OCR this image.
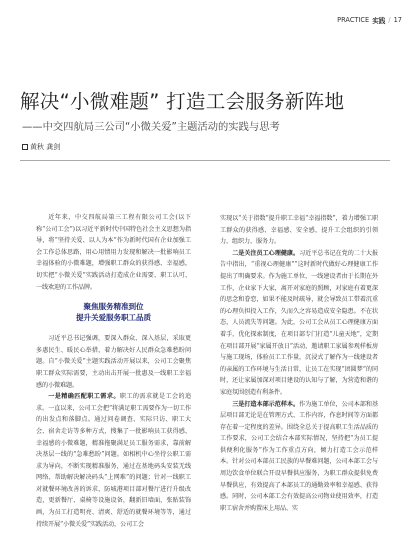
PRACTICE 实践 / 17
解决“小微难题” 打造工会服务新阵地
——中交四航局三公司“小微关爱”主题活动的实践与思考
黄秋 龚剑

近年来，中交四航局第三工程有限公司工会(以下称“公司工会”)以习近平新时代中国特色社会主义思想为指导，将“坚持关爱、以人为本”作为新时代国有企业加强工会工作总体思路，用心用情用力发现和解决一批影响员工幸福体验的小微难题，增强职工群众的获得感、幸福感，切实把“小微关爱”实践活动打造成企业需要、职工认可、一线欢迎的工作品牌。

聚焦服务精准到位
提升关爱服务职工品质

习近平总书记强调，要深入群众、深入基层，采取更多惠民生、暖民心举措，着力解决好人民群众急难愁盼问题。自“小微关爱”主题实践活动开展以来，公司工会聚焦职工群众实际需要，主动出击开展一批惠及一线职工幸福感的小微难题。

一是精确匹配职工需求。职工的需求就是工会的追求。一直以来，公司工会把“将满足职工需要作为一切工作的出发点和落脚点。通过问卷调查、实际只访、职工大会、宿舍走访等多种方式，搜集了一批影响员工获得感、幸福感的小微难题，精准拖聚满足员工服务需求，靠前解决基层一线的“急难愁盼”问题。如相机中心坐待公职工需求为导向，不断实现精准服务，通过在基地码头安装无线网络、帮助解决解决码头“上网难”的问题；针对一线职工对就餐环境改善的诉求，防城港项目部对餐厅进行升级改造，更新餐厅、桌椅等设施设备，翻新旧墙面，张贴装饰画，为员工打造明亮、清爽、舒适的就餐环境等等，通过持续开展“小微关爱”实践活动，公司工会

实现以“关于指数”提升职工幸福“幸福指数”，着力增强工职工群众的获得感、幸福感、安全感，提升工会组织的引领力、组织力、服务力。

二是关注员工心理健康。习近平总书记在党的二十大报告中指出，“重视心理健康”“这时新时代做好心理健康工作提出了明确要求。作为施工单位，一线建设者由于长期在外工作，企业家下大家，离开对家庭的照顾，对家庭有着更深的思念和眷恋，如果不能及时疏导，就会导致员工带着沉重的心理负担投入工作，久而久之容易造成安全隐患。不在状态，人员流失等问题。为此，公司工会从员工心理健康方面着手，优化探索制度，在项目部专门打造“儿童天地”，定期在项目部开展“家属开放日”活动，邀请职工家属参观样板房与施工现场，体验员工工作量，沉浸式了解作为一线建设者的亲属的工作环境与生活日常，让员工在实现“团圆梦”的同时，还让家属加深对项目建设的认知与了解，为营造和谐的家庭氛围创造有利条件。

三是打造本部示范样本。作为施工单位，公司本部和基层项目部无论是在管理方式、工作内容，作息时间等方面都存在着一定程度的差异。围绕全总关于提高职工生活品质的工作要求，公司工会结合本部实际情况，坚持把“为员工提供便利化服务”作为工作重点方向，倾力打造工会示范样本。针对公司本部员工民族的早餐难问题，公司本部工会与周边饮食单位联合开设早餐供应服务，为职工群众提供免费早餐供应，有效提高了本部员工的通勤效率和幸福感、获得感。同时，公司本部工会有效提高公司物业使用效率，打造职工宿舍并购置床上用品、实
